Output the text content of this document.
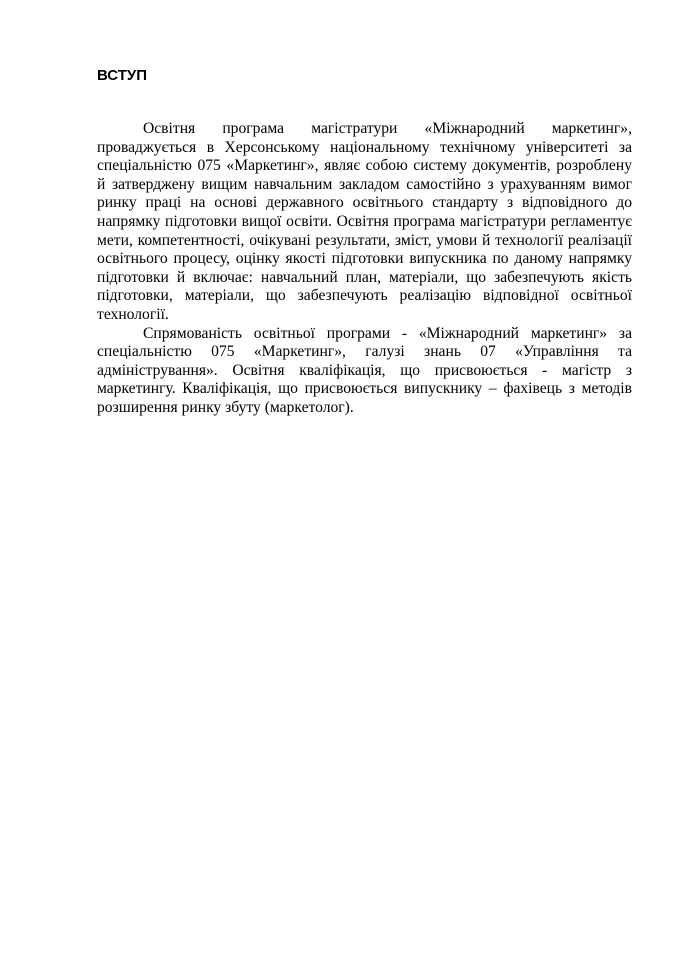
ВСТУП

Освітня програма магістратури «Міжнародний маркетинг», проваджується в Херсонському національному технічному університеті за спеціальністю 075 «Маркетинг», являє собою систему документів, розроблену й затверджену вищим навчальним закладом самостійно з урахуванням вимог ринку праці на основі державного освітнього стандарту з відповідного до напрямку підготовки вищої освіти. Освітня програма магістратури регламентує мети, компетентності, очікувані результати, зміст, умови й технології реалізації освітнього процесу, оцінку якості підготовки випускника по даному напрямку підготовки й включає: навчальний план, матеріали, що забезпечують якість підготовки, матеріали, що забезпечують реалізацію відповідної освітньої технології.

Спрямованість освітньої програми - «Міжнародний маркетинг» за спеціальністю 075 «Маркетинг», галузі знань 07 «Управління та адміністрування». Освітня кваліфікація, що присвоюється - магістр з маркетингу. Кваліфікація, що присвоюється випускнику – фахівець з методів розширення ринку збуту (маркетолог).
